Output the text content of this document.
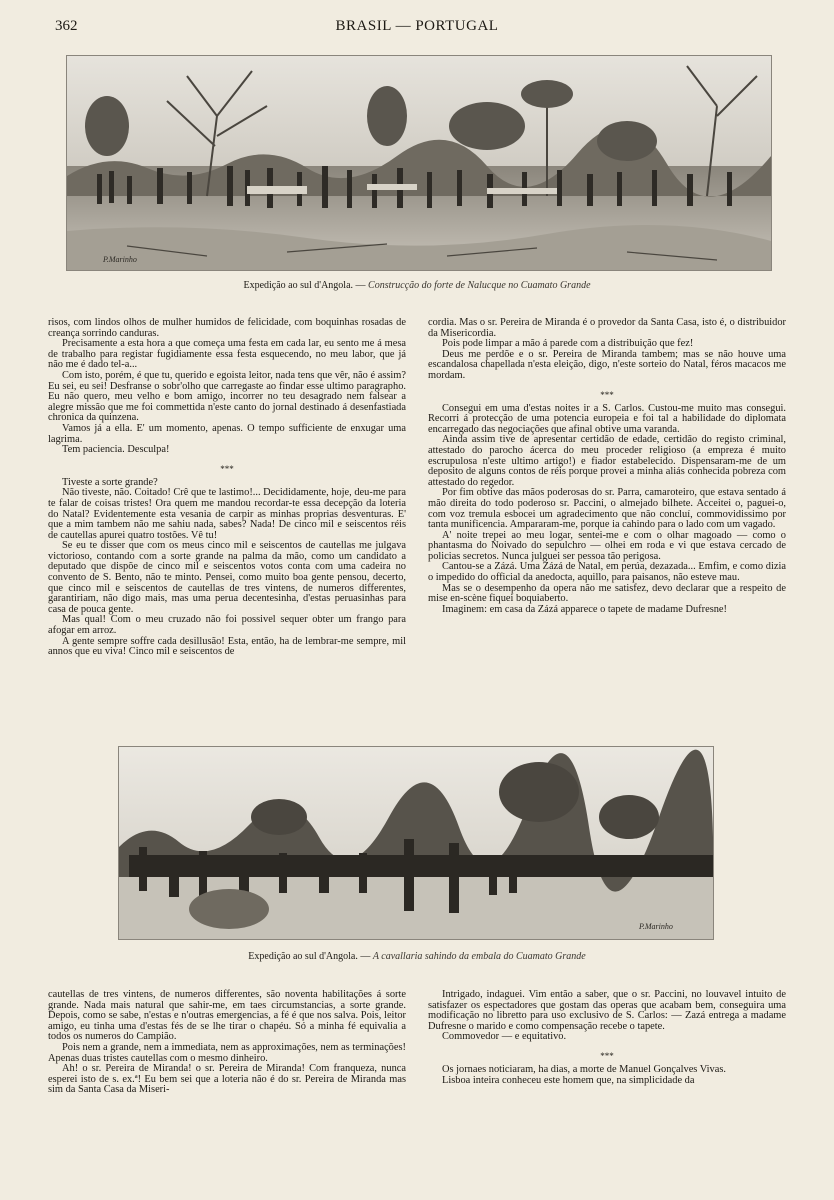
362	BRASIL — PORTUGAL
P.Marinho
Expedição ao sul d'Angola. — Construcção do forte de Nalucque no Cuamato Grande

risos, com lindos olhos de mulher humidos de felicidade, com boquinhas rosadas de creança sorrindo canduras.

Precisamente a esta hora a que começa uma festa em cada lar, eu sento me á mesa de trabalho para registar fugidiamente essa festa esquecendo, no meu labor, que já não me é dado tel-a...

Com isto, porém, é que tu, querido e egoista leitor, nada tens que vêr, não é assim? Eu sei, eu sei! Desfranse o sobr'olho que carregaste ao findar esse ultimo paragrapho. Eu não quero, meu velho e bom amigo, incorrer no teu desagrado nem falsear a alegre missão que me foi commettida n'este canto do jornal destinado á desenfastiada chronica da quinzena.

Vamos já a ella. E' um momento, apenas. O tempo sufficiente de enxugar uma lagrima.

Tem paciencia. Desculpa!

***

Tiveste a sorte grande?

Não tiveste, não. Coitado! Crê que te lastimo!... Decididamente, hoje, deu-me para te falar de coisas tristes! Ora quem me mandou recordar-te essa decepção da loteria do Natal? Evidentemente esta vesania de carpir as minhas proprias desventuras. E' que a mim tambem não me sahiu nada, sabes? Nada! De cinco mil e seiscentos réis de cautellas apurei quatro tostões. Vê tu!

Se eu te disser que com os meus cinco mil e seiscentos de cautellas me julgava victorioso, contando com a sorte grande na palma da mão, como um candidato a deputado que dispõe de cinco mil e seiscentos votos conta com uma cadeira no convento de S. Bento, não te minto. Pensei, como muito boa gente pensou, decerto, que cinco mil e seiscentos de cautellas de tres vintens, de numeros differentes, garantiriam, não digo mais, mas uma perua decentesinha, d'estas peruasinhas para casa de pouca gente.

Mas qual! Com o meu cruzado não foi possivel sequer obter um frango para afogar em arroz.

A gente sempre soffre cada desillusão! Esta, então, ha de lembrar-me sempre, mil annos que eu viva! Cinco mil e seiscentos de

cordia. Mas o sr. Pereira de Miranda é o provedor da Santa Casa, isto é, o distribuidor da Misericordia.

Pois pode limpar a mão á parede com a distribuição que fez!

Deus me perdõe e o sr. Pereira de Miranda tambem; mas se não houve uma escandalosa chapellada n'esta eleição, digo, n'este sorteio do Natal, féros macacos me mordam.

***

Consegui em uma d'estas noites ir a S. Carlos. Custou-me muito mas consegui. Recorri á protecção de uma potencia europeia e foi tal a habilidade do diplomata encarregado das negociações que afinal obtive uma varanda.

Ainda assim tive de apresentar certidão de edade, certidão do registo criminal, attestado do parocho ácerca do meu proceder religioso (a empreza é muito escrupulosa n'este ultimo artigo!) e fiador estabelecido. Dispensaram-me de um deposito de alguns contos de réis porque provei a minha aliás conhecida pobreza com attestado do regedor.

Por fim obtive das mãos poderosas do sr. Parra, camaroteiro, que estava sentado á mão direita do todo poderoso sr. Paccini, o almejado bilhete. Acceitei o, paguei-o, com voz tremula esbocei um agradecimento que não concluí, commovidissimo por tanta munificencia. Ampararam-me, porque ia cahindo para o lado com um vagado.

A' noite trepei ao meu logar, sentei-me e com o olhar magoado — como o phantasma do Noivado do sepulchro — olhei em roda e vi que estava cercado de policias secretos. Nunca julguei ser pessoa tão perigosa.

Cantou-se a Zázá. Uma Zázá de Natal, em perúa, dezazada... Emfim, e como dizia o impedido do official da anedocta, aquillo, para paisanos, não esteve mau.

Mas se o desempenho da opera não me satisfez, devo declarar que a respeito de mise en-scène fiquei boquiaberto.

Imaginem: em casa da Zázá apparece o tapete de madame Dufresne!

P.Marinho
Expedição ao sul d'Angola. — A cavallaria sahindo da embala do Cuamato Grande

cautellas de tres vintens, de numeros differentes, são noventa habilitações á sorte grande. Nada mais natural que sahir-me, em taes circumstancias, a sorte grande. Depois, como se sabe, n'estas e n'outras emergencias, a fé é que nos salva. Pois, leitor amigo, eu tinha uma d'estas fés de se lhe tirar o chapéu. Só a minha fé equivalia a todos os numeros do Campião.

Pois nem a grande, nem a immediata, nem as approximações, nem as terminações! Apenas duas tristes cautellas com o mesmo dinheiro.

Ah! o sr. Pereira de Miranda! o sr. Pereira de Miranda! Com franqueza, nunca esperei isto de s. ex.ª! Eu bem sei que a loteria não é do sr. Pereira de Miranda mas sim da Santa Casa da Miseri-

Intrigado, indaguei. Vim então a saber, que o sr. Paccini, no louvavel intuito de satisfazer os espectadores que gostam das operas que acabam bem, conseguira uma modificação no libretto para uso exclusivo de S. Carlos: — Zazá entrega a madame Dufresne o marido e como compensação recebe o tapete.

Commovedor — e equitativo.

***

Os jornaes noticiaram, ha dias, a morte de Manuel Gonçalves Vivas.

Lisboa inteira conheceu este homem que, na simplicidade da
